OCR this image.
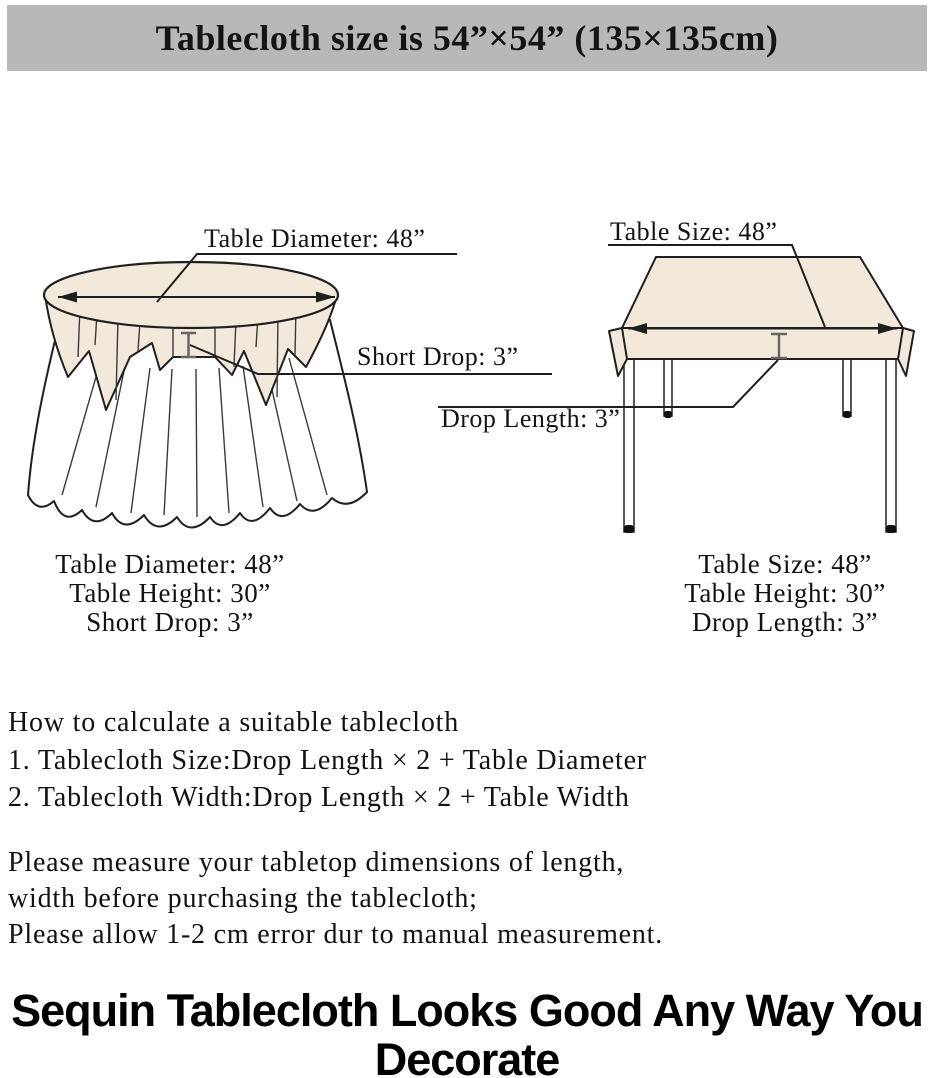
Tablecloth size is 54”×54” (135×135cm)
Table Diameter: 48”
Short Drop: 3”
Table Size: 48”
Drop Length: 3”
Table Diameter: 48”
Table Height: 30”
Short Drop: 3”
Table Size: 48”
Table Height: 30”
Drop Length: 3”
How to calculate a suitable tablecloth
1. Tablecloth Size:Drop Length × 2 + Table Diameter
2. Tablecloth Width:Drop Length × 2 + Table Width
Please measure your tabletop dimensions of length,
width before purchasing the tablecloth;
Please allow 1-2 cm error dur to manual measurement.
Sequin Tablecloth Looks Good Any Way You
Decorate
